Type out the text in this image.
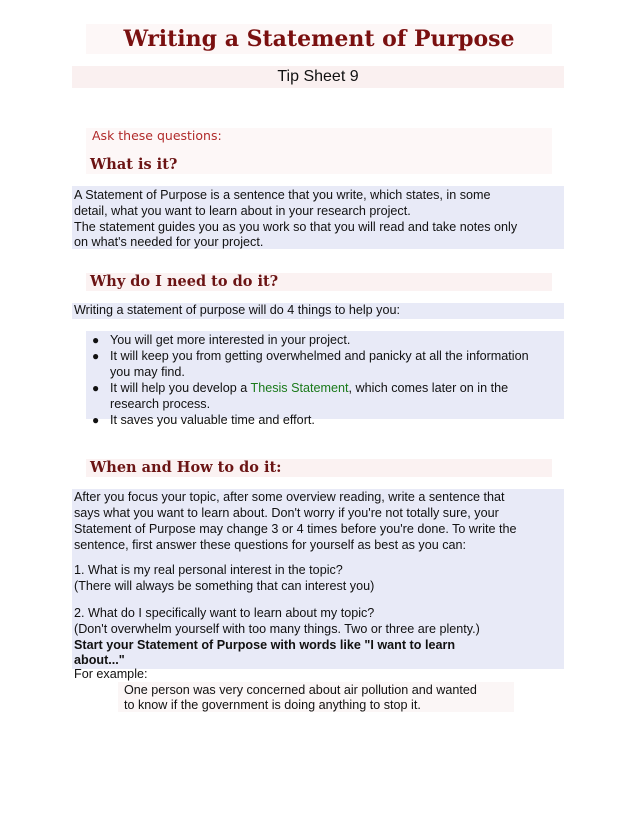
Writing a Statement of Purpose
Tip Sheet 9
Ask these questions:
What is it?
A Statement of Purpose is a sentence that you write, which states, in some
detail, what you want to learn about in your research project.
The statement guides you as you work so that you will read and take notes only
on what's needed for your project.
Why do I need to do it?
Writing a statement of purpose will do 4 things to help you:
● You will get more interested in your project.
● It will keep you from getting overwhelmed and panicky at all the information you may find.
● It will help you develop a Thesis Statement, which comes later on in the research process.
● It saves you valuable time and effort.
When and How to do it:
After you focus your topic, after some overview reading, write a sentence that
says what you want to learn about. Don't worry if you're not totally sure, your
Statement of Purpose may change 3 or 4 times before you're done. To write the
sentence, first answer these questions for yourself as best as you can:
1. What is my real personal interest in the topic?
(There will always be something that can interest you)
2. What do I specifically want to learn about my topic?
(Don't overwhelm yourself with too many things. Two or three are plenty.)
Start your Statement of Purpose with words like "I want to learn
about..."
For example:
One person was very concerned about air pollution and wanted
to know if the government is doing anything to stop it.
